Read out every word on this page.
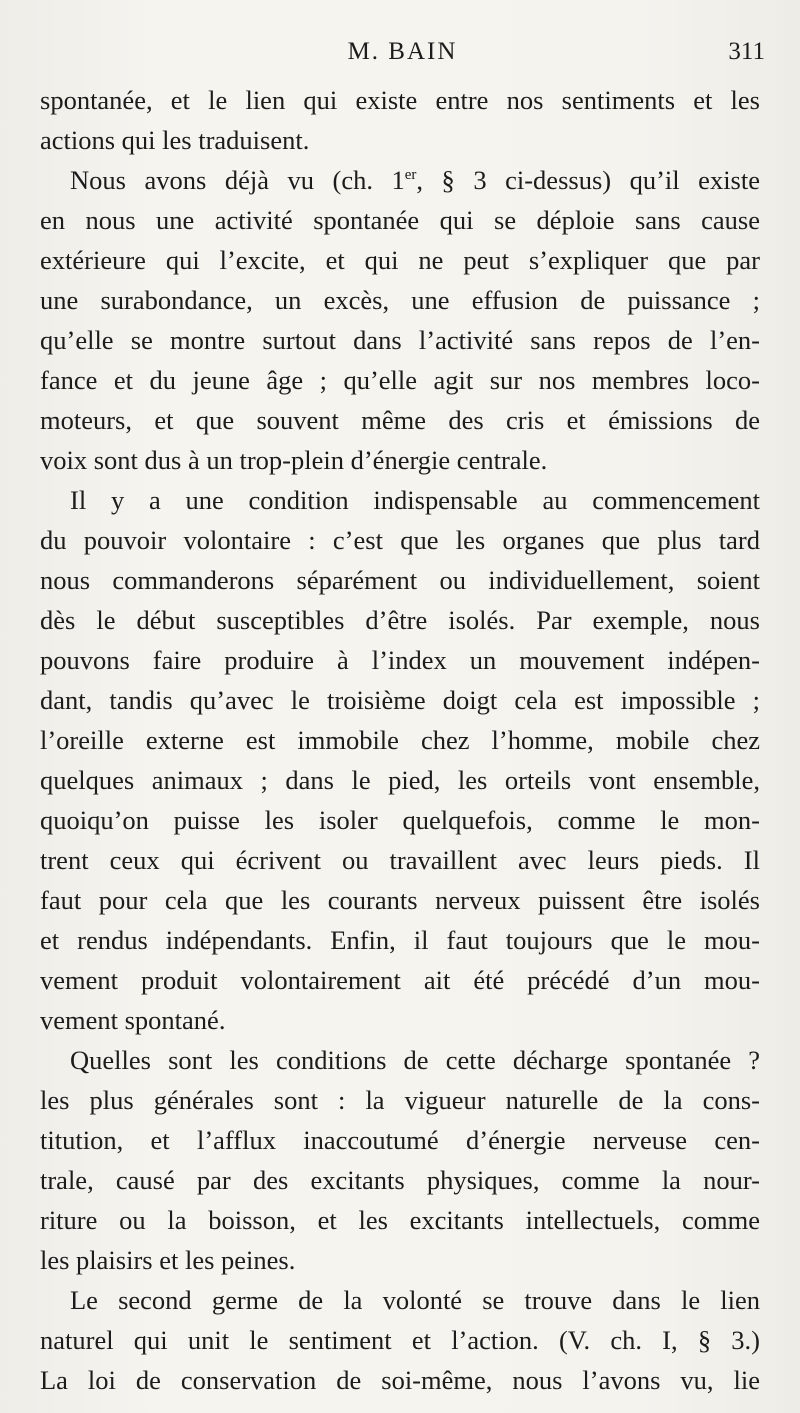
M. BAIN	311
spontanée, et le lien qui existe entre nos sentiments et les
actions qui les traduisent.
Nous avons déjà vu (ch. 1er, § 3 ci-dessus) qu’il existe
en nous une activité spontanée qui se déploie sans cause
extérieure qui l’excite, et qui ne peut s’expliquer que par
une surabondance, un excès, une effusion de puissance ;
qu’elle se montre surtout dans l’activité sans repos de l’en-
fance et du jeune âge ; qu’elle agit sur nos membres loco-
moteurs, et que souvent même des cris et émissions de
voix sont dus à un trop-plein d’énergie centrale.
Il y a une condition indispensable au commencement
du pouvoir volontaire : c’est que les organes que plus tard
nous commanderons séparément ou individuellement, soient
dès le début susceptibles d’être isolés. Par exemple, nous
pouvons faire produire à l’index un mouvement indépen-
dant, tandis qu’avec le troisième doigt cela est impossible ;
l’oreille externe est immobile chez l’homme, mobile chez
quelques animaux ; dans le pied, les orteils vont ensemble,
quoiqu’on puisse les isoler quelquefois, comme le mon-
trent ceux qui écrivent ou travaillent avec leurs pieds. Il
faut pour cela que les courants nerveux puissent être isolés
et rendus indépendants. Enfin, il faut toujours que le mou-
vement produit volontairement ait été précédé d’un mou-
vement spontané.
Quelles sont les conditions de cette décharge spontanée ?
les plus générales sont : la vigueur naturelle de la cons-
titution, et l’afflux inaccoutumé d’énergie nerveuse cen-
trale, causé par des excitants physiques, comme la nour-
riture ou la boisson, et les excitants intellectuels, comme
les plaisirs et les peines.
Le second germe de la volonté se trouve dans le lien
naturel qui unit le sentiment et l’action. (V. ch. I, § 3.)
La loi de conservation de soi-même, nous l’avons vu, lie
